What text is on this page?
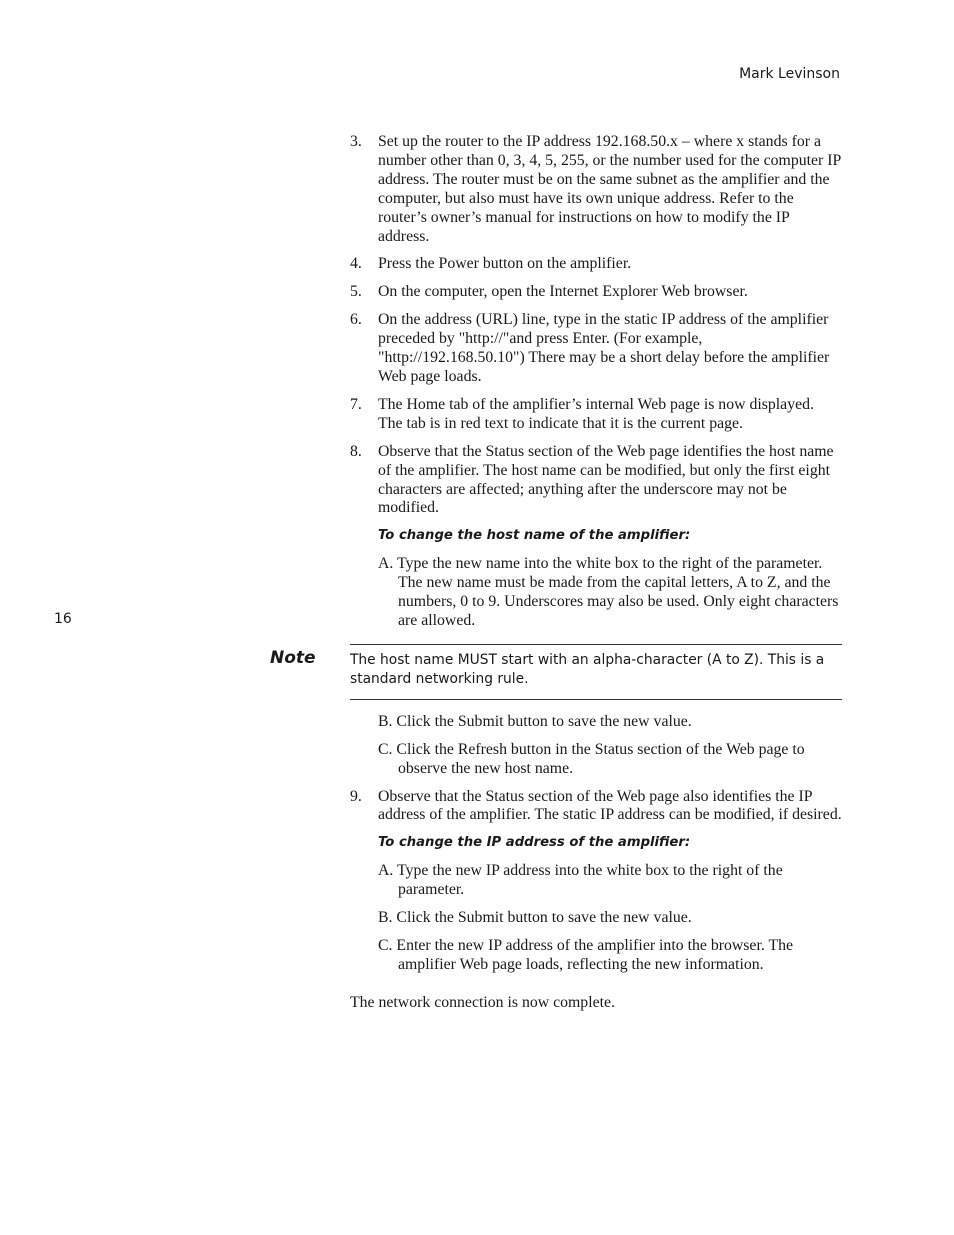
Mark Levinson
16
3. Set up the router to the IP address 192.168.50.x – where x stands for a number other than 0, 3, 4, 5, 255, or the number used for the computer IP address. The router must be on the same subnet as the amplifier and the computer, but also must have its own unique address. Refer to the router’s owner’s manual for instructions on how to modify the IP address.
4. Press the Power button on the amplifier.
5. On the computer, open the Internet Explorer Web browser.
6. On the address (URL) line, type in the static IP address of the amplifier preceded by "http://"and press Enter. (For example, "http://192.168.50.10") There may be a short delay before the amplifier Web page loads.
7. The Home tab of the amplifier’s internal Web page is now displayed. The tab is in red text to indicate that it is the current page.
8. Observe that the Status section of the Web page identifies the host name of the amplifier. The host name can be modified, but only the first eight characters are affected; anything after the underscore may not be modified.
To change the host name of the amplifier:
A. Type the new name into the white box to the right of the parameter. The new name must be made from the capital letters, A to Z, and the numbers, 0 to 9. Underscores may also be used. Only eight characters are allowed.
Note The host name MUST start with an alpha-character (A to Z). This is a standard networking rule.
B. Click the Submit button to save the new value.
C. Click the Refresh button in the Status section of the Web page to observe the new host name.
9. Observe that the Status section of the Web page also identifies the IP address of the amplifier. The static IP address can be modified, if desired.
To change the IP address of the amplifier:
A. Type the new IP address into the white box to the right of the parameter.
B. Click the Submit button to save the new value.
C. Enter the new IP address of the amplifier into the browser. The amplifier Web page loads, reflecting the new information.
The network connection is now complete.
